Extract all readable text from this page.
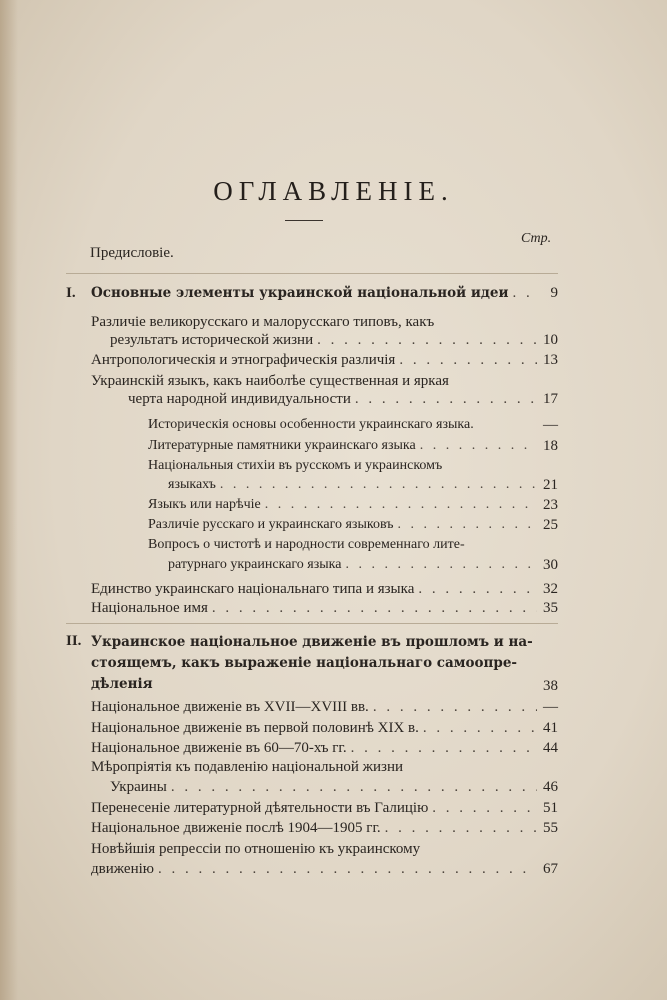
ОГЛАВЛЕНIЕ.
Стр.
Предисловiе.
I. Основные элементы украинской нацiональной идеи . . .	9
Различiе великорусскаго и малорусскаго типовъ, какъ
результатъ исторической жизни . . .	10
Антропологическiя и этнографическiя различiя . . .	13
Украинскiй языкъ, какъ наиболѣе существенная и яркая
черта народной индивидуальности . . .	17
Историческiя основы особенности украинскаго языка.	—
Литературные памятники украинскаго языка . . .	18
Нацiональныя стихiи въ русскомъ и украинскомъ
языкахъ . . .	21
Языкъ или нарѣчiе . . .	23
Различiе русскаго и украинскаго языковъ . . .	25
Вопросъ о чистотѣ и народности современнаго лите-
ратурнаго украинскаго языка . . .	30
Единство украинскаго нацiональнаго типа и языка . . .	32
Нацiональное имя . . .	35
II. Украинское нацiональное движенiе въ прошломъ и на-
стоящемъ, какъ выраженiе нацiональнаго самоопре-
дѣленiя	38
Нацiональное движенiе въ XVII—XVIII вв. . . .	—
Нацiональное движенiе въ первой половинѣ XIX в. . . .	41
Нацiональное движенiе въ 60—70-хъ гг. . . .	44
Мѣропрiятiя къ подавленiю нацiональной жизни
Украины . . .	46
Перенесенiе литературной дѣятельности въ Галицiю . . .	51
Нацiональное движенiе послѣ 1904—1905 гг. . . .	55
Новѣйшiя репрессiи по отношенiю къ украинскому
движенiю . . .	67
